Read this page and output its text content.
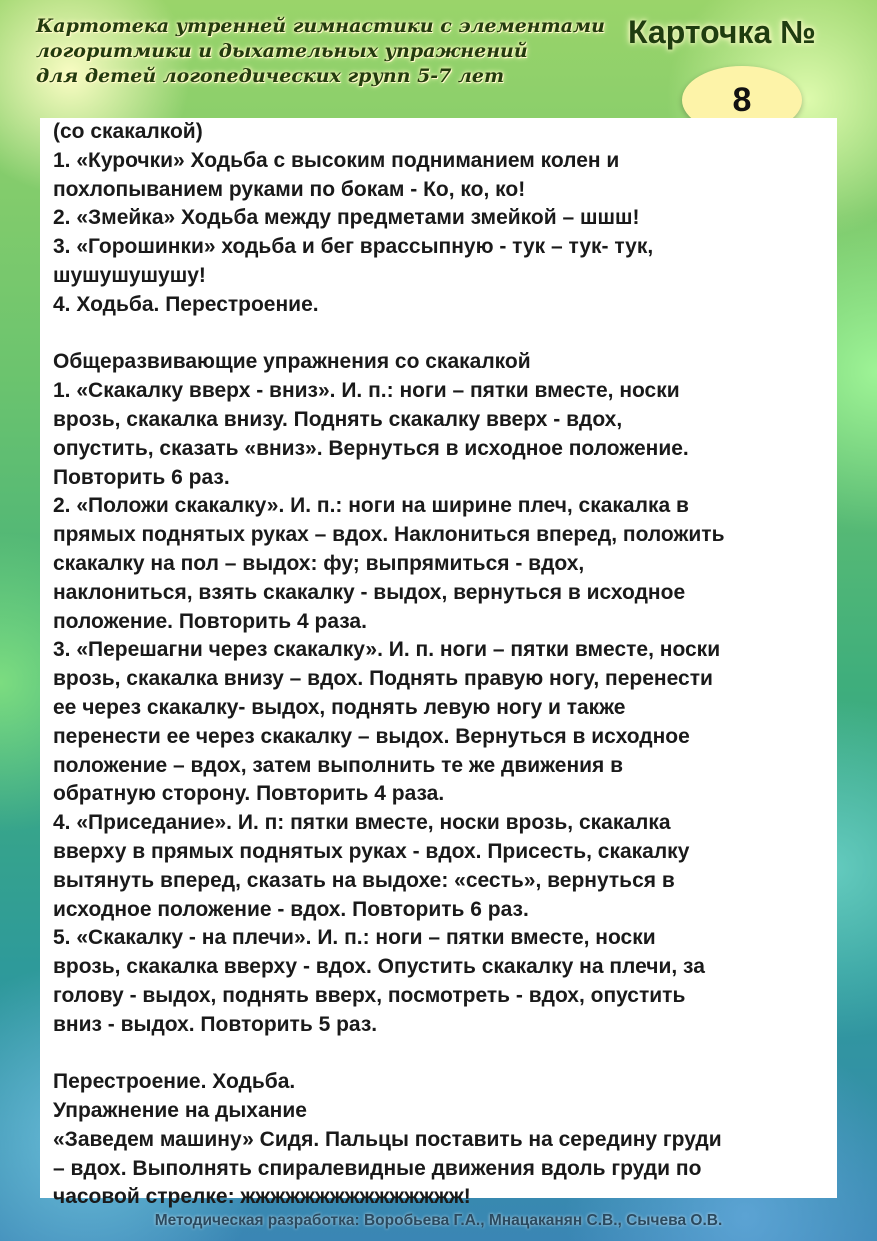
Картотека утренней гимнастики с элементами
логоритмики и дыхательных упражнений
для детей логопедических групп 5-7 лет
Карточка №
8
(со скакалкой)
1. «Курочки» Ходьба с высоким подниманием колен и
похлопыванием руками по бокам - Ко, ко, ко!
2. «Змейка» Ходьба между предметами змейкой – шшш!
3. «Горошинки» ходьба и бег врассыпную - тук – тук- тук,
шушушушушу!
4. Ходьба. Перестроение.
Общеразвивающие упражнения со скакалкой
1. «Скакалку вверх - вниз». И. п.: ноги – пятки вместе, носки
врозь, скакалка внизу. Поднять скакалку вверх - вдох,
опустить, сказать «вниз». Вернуться в исходное положение.
Повторить 6 раз.
2. «Положи скакалку». И. п.: ноги на ширине плеч, скакалка в
прямых поднятых руках – вдох. Наклониться вперед, положить
скакалку на пол – выдох: фу; выпрямиться - вдох,
наклониться, взять скакалку - выдох, вернуться в исходное
положение. Повторить 4 раза.
3. «Перешагни через скакалку». И. п. ноги – пятки вместе, носки
врозь, скакалка внизу – вдох. Поднять правую ногу, перенести
ее через скакалку- выдох, поднять левую ногу и также
перенести ее через скакалку – выдох. Вернуться в исходное
положение – вдох, затем выполнить те же движения в
обратную сторону. Повторить 4 раза.
4. «Приседание». И. п: пятки вместе, носки врозь, скакалка
вверху в прямых поднятых руках - вдох. Присесть, скакалку
вытянуть вперед, сказать на выдохе: «сесть», вернуться в
исходное положение - вдох. Повторить 6 раз.
5. «Скакалку - на плечи». И. п.: ноги – пятки вместе, носки
врозь, скакалка вверху - вдох. Опустить скакалку на плечи, за
голову - выдох, поднять вверх, посмотреть - вдох, опустить
вниз - выдох. Повторить 5 раз.
Перестроение. Ходьба.
Упражнение на дыхание
«Заведем машину» Сидя. Пальцы поставить на середину груди
– вдох. Выполнять спиралевидные движения вдоль груди по
часовой стрелке: жжжжжжжжжжжжжжж!
Методическая разработка: Воробьева Г.А., Мнацаканян С.В., Сычева О.В.
